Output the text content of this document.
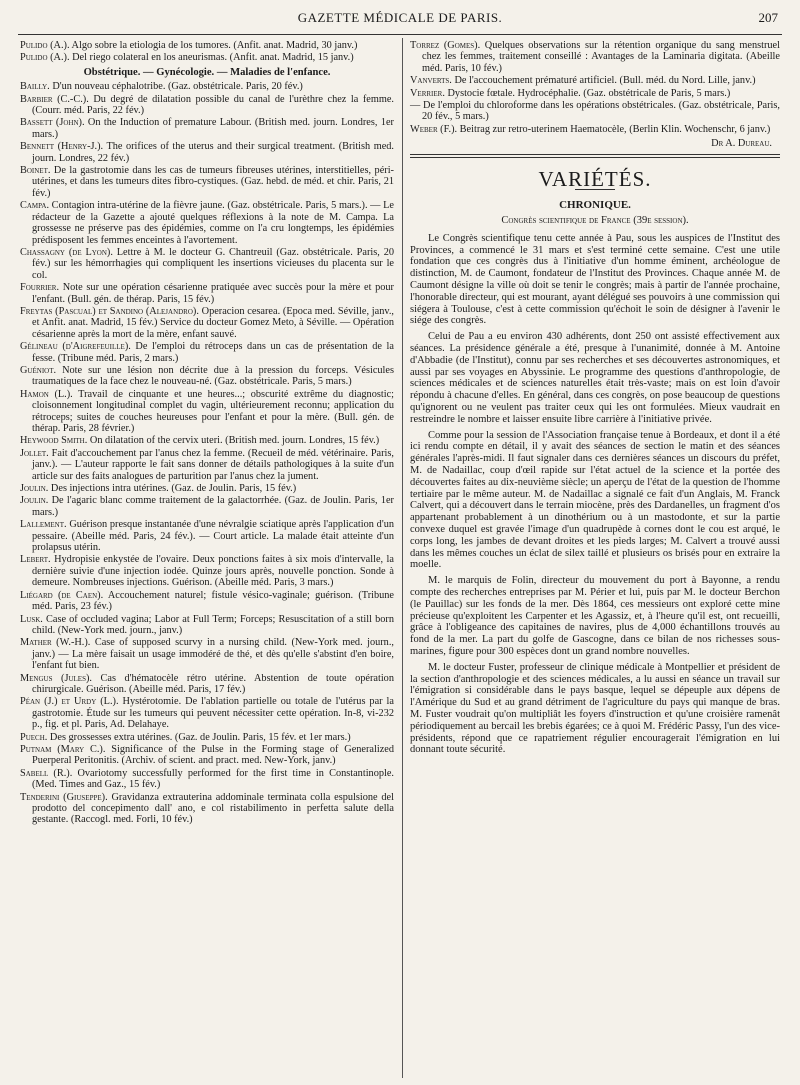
GAZETTE MÉDICALE DE PARIS.	207
Pulido (A.). Algo sobre la etiologia de los tumores. (Anfit. anat. Madrid, 30 janv.)
Pulido (A.). Del riego colateral en los aneurismas. (Anfit. anat. Madrid, 15 janv.)
Obstétrique. — Gynécologie. — Maladies de l'enfance.
Bailly. D'un nouveau céphalotribe. (Gaz. obstétricale. Paris, 20 fév.)
Barbier (C.-C.). Du degré de dilatation possible du canal de l'urèthre chez la femme. (Courr. méd. Paris, 22 fév.)
Bassett (John). On the Induction of premature Labour. (British med. journ. Londres, 1er mars.)
Bennett (Henry-J.). The orifices of the uterus and their surgical treatment. (British med. journ. Londres, 22 fév.)
Boinet. De la gastrotomie dans les cas de tumeurs fibreuses utérines, interstitielles, péri-utérines, et dans les tumeurs dites fibro-cystiques. (Gaz. hebd. de méd. et chir. Paris, 21 fév.)
Campa. Contagion intra-utérine de la fièvre jaune. (Gaz. obstétricale. Paris, 5 mars.). — Le rédacteur de la Gazette a ajouté quelques réflexions à la note de M. Campa. La grossesse ne préserve pas des épidémies, comme on l'a cru longtemps, les épidémies prédisposent les femmes enceintes à l'avortement.
Chassagny (de Lyon). Lettre à M. le docteur G. Chantreuil (Gaz. obstétricale. Paris, 20 fév.) sur les hémorrhagies qui compliquent les insertions vicieuses du placenta sur le col.
Fourrier. Note sur une opération césarienne pratiquée avec succès pour la mère et pour l'enfant. (Bull. gén. de thérap. Paris, 15 fév.)
Freytas (Pascual) et Sandino (Alejandro). Operacion cesarea. (Epoca med. Séville, janv., et Anfit. anat. Madrid, 15 fév.) Service du docteur Gomez Meto, à Séville. — Opération césarienne après la mort de la mère, enfant sauvé.
Gélineau (d'Aigrefeuille). De l'emploi du rétroceps dans un cas de présentation de la fesse. (Tribune méd. Paris, 2 mars.)
Guéniot. Note sur une lésion non décrite due à la pression du forceps. Vésicules traumatiques de la face chez le nouveau-né. (Gaz. obstétricale. Paris, 5 mars.)
Hamon (L.). Travail de cinquante et une heures...; obscurité extrême du diagnostic; cloisonnement longitudinal complet du vagin, ultérieurement reconnu; application du rétroceps; suites de couches heureuses pour l'enfant et pour la mère. (Bull. gén. de thérap. Paris, 28 février.)
Heywood Smith. On dilatation of the cervix uteri. (British med. journ. Londres, 15 fév.)
Jollet. Fait d'accouchement par l'anus chez la femme. (Recueil de méd. vétérinaire. Paris, janv.). — L'auteur rapporte le fait sans donner de détails pathologiques à la suite d'un article sur des faits analogues de parturition par l'anus chez la jument.
Joulin. Des injections intra utérines. (Gaz. de Joulin. Paris, 15 fév.)
Joulin. De l'agaric blanc comme traitement de la galactorrhée. (Gaz. de Joulin. Paris, 1er mars.)
Lallement. Guérison presque instantanée d'une névralgie sciatique après l'application d'un pessaire. (Abeille méd. Paris, 24 fév.). — Court article. La malade était atteinte d'un prolapsus utérin.
Lebert. Hydropisie enkystée de l'ovaire. Deux ponctions faites à six mois d'intervalle, la dernière suivie d'une injection iodée. Quinze jours après, nouvelle ponction. Sonde à demeure. Nombreuses injections. Guérison. (Abeille méd. Paris, 3 mars.)
Liégard (de Caen). Accouchement naturel; fistule vésico-vaginale; guérison. (Tribune méd. Paris, 23 fév.)
Lusk. Case of occluded vagina; Labor at Full Term; Forceps; Resuscitation of a still born child. (New-York med. journ., janv.)
Mather (W.-H.). Case of supposed scurvy in a nursing child. (New-York med. journ., janv.) — La mère faisait un usage immodéré de thé, et dès qu'elle s'abstint d'en boire, l'enfant fut bien.
Mengus (Jules). Cas d'hématocèle rétro utérine. Abstention de toute opération chirurgicale. Guérison. (Abeille méd. Paris, 17 fév.)
Péan (J.) et Urdy (L.). Hystérotomie. De l'ablation partielle ou totale de l'utérus par la gastrotomie. Étude sur les tumeurs qui peuvent nécessiter cette opération. In-8, vi-232 p., fig. et pl. Paris, Ad. Delahaye.
Puech. Des grossesses extra utérines. (Gaz. de Joulin. Paris, 15 fév. et 1er mars.)
Putnam (Mary C.). Significance of the Pulse in the Forming stage of Generalized Puerperal Peritonitis. (Archiv. of scient. and pract. med. New-York, janv.)
Sabell (R.). Ovariotomy successfully performed for the first time in Constantinople. (Med. Times and Gaz., 15 fév.)
Tenderini (Giuseppe). Gravidanza extrauterina addominale terminata colla espulsione del prodotto del concepimento dall' ano, e col ristabilimento in perfetta salute della gestante. (Raccogl. med. Forli, 10 fév.)
Torrez (Gomes). Quelques observations sur la rétention organique du sang menstruel chez les femmes, traitement conseillé : Avantages de la Laminaria digitata. (Abeille méd. Paris, 10 fév.)
Vanverts. De l'accouchement prématuré artificiel. (Bull. méd. du Nord. Lille, janv.)
Verrier. Dystocie fœtale. Hydrocéphalie. (Gaz. obstétricale de Paris, 5 mars.)
— De l'emploi du chloroforme dans les opérations obstétricales. (Gaz. obstétricale, Paris, 20 fév., 5 mars.)
Weber (F.). Beitrag zur retro-uterinem Haematocèle, (Berlin Klin. Wochenschr, 6 janv.)
Dr A. Dureau.
VARIÉTÉS.
CHRONIQUE.
Congrès scientifique de France (39e session).

Le Congrès scientifique tenu cette année à Pau, sous les auspices de l'Institut des Provinces, a commencé le 31 mars et s'est terminé cette semaine. C'est une utile fondation que ces congrès dus à l'initiative d'un homme éminent, archéologue de distinction, M. de Caumont, fondateur de l'Institut des Provinces. Chaque année M. de Caumont désigne la ville où doit se tenir le congrès; mais à partir de l'année prochaine, l'honorable directeur, qui est mourant, ayant délégué ses pouvoirs à une commission qui siégera à Toulouse, c'est à cette commission qu'échoit le soin de désigner à l'avenir le siége des congrès.

Celui de Pau a eu environ 430 adhérents, dont 250 ont assisté effectivement aux séances. La présidence générale a été, presque à l'unanimité, donnée à M. Antoine d'Abbadie (de l'Institut), connu par ses recherches et ses découvertes astronomiques, et aussi par ses voyages en Abyssinie. Le programme des questions d'anthropologie, de sciences médicales et de sciences naturelles était très-vaste; mais on est loin d'avoir répondu à chacune d'elles. En général, dans ces congrès, on pose beaucoup de questions qu'ignorent ou ne veulent pas traiter ceux qui les ont formulées. Mieux vaudrait en restreindre le nombre et laisser ensuite libre carrière à l'initiative privée.

Comme pour la session de l'Association française tenue à Bordeaux, et dont il a été ici rendu compte en détail, il y avait des séances de section le matin et des séances générales l'après-midi. Il faut signaler dans ces dernières séances un discours du préfet, M. de Nadaillac, coup d'œil rapide sur l'état actuel de la science et la portée des découvertes faites au dix-neuvième siècle; un aperçu de l'état de la question de l'homme tertiaire par le même auteur. M. de Nadaillac a signalé ce fait d'un Anglais, M. Franck Calvert, qui a découvert dans le terrain miocène, près des Dardanelles, un fragment d'os appartenant probablement à un dinothérium ou à un mastodonte, et sur la partie convexe duquel est gravée l'image d'un quadrupède à cornes dont le cou est arqué, le corps long, les jambes de devant droites et les pieds larges; M. Calvert a trouvé aussi dans les mêmes couches un éclat de silex taillé et plusieurs os brisés pour en extraire la moelle.

M. le marquis de Folin, directeur du mouvement du port à Bayonne, a rendu compte des recherches entreprises par M. Périer et lui, puis par M. le docteur Berchon (le Pauillac) sur les fonds de la mer. Dès 1864, ces messieurs ont exploré cette mine précieuse qu'exploitent les Carpenter et les Agassiz, et, à l'heure qu'il est, ont recueilli, grâce à l'obligeance des capitaines de navires, plus de 4,000 échantillons trouvés au fond de la mer. La part du golfe de Gascogne, dans ce bilan de nos richesses sous-marines, figure pour 300 espèces dont un grand nombre nouvelles.

M. le docteur Fuster, professeur de clinique médicale à Montpellier et président de la section d'anthropologie et des sciences médicales, a lu aussi en séance un travail sur l'émigration si considérable dans le pays basque, lequel se dépeuple aux dépens de l'Amérique du Sud et au grand détriment de l'agriculture du pays qui manque de bras. M. Fuster voudrait qu'on multipliât les foyers d'instruction et qu'une croisière ramenât périodiquement au bercail les brebis égarées; ce à quoi M. Frédéric Passy, l'un des vice-présidents, répond que ce rapatriement régulier encouragerait l'émigration en lui donnant toute sécurité.
